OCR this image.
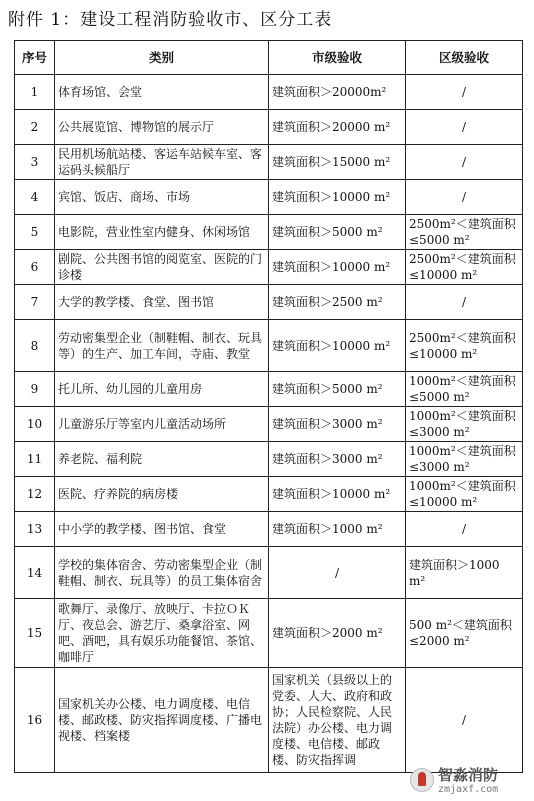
附件 1：建设工程消防验收市、区分工表
序号	类别	市级验收	区级验收
1	体育场馆、会堂	建筑面积＞20000m²	/
2	公共展览馆、博物馆的展示厅	建筑面积＞20000 m²	/
3	民用机场航站楼、客运车站候车室、客运码头候船厅	建筑面积＞15000 m²	/
4	宾馆、饭店、商场、市场	建筑面积＞10000 m²	/
5	电影院，营业性室内健身、休闲场馆	建筑面积＞5000 m²	2500m²＜建筑面积≤5000 m²
6	剧院、公共图书馆的阅览室、医院的门诊楼	建筑面积＞10000 m²	2500m²＜建筑面积≤10000 m²
7	大学的教学楼、食堂、图书馆	建筑面积＞2500 m²	/
8	劳动密集型企业（制鞋帽、制衣、玩具等）的生产、加工车间，寺庙、教堂	建筑面积＞10000 m²	2500m²＜建筑面积≤10000 m²
9	托儿所、幼儿园的儿童用房	建筑面积＞5000 m²	1000m²＜建筑面积≤5000 m²
10	儿童游乐厅等室内儿童活动场所	建筑面积＞3000 m²	1000m²＜建筑面积≤3000 m²
11	养老院、福利院	建筑面积＞3000 m²	1000m²＜建筑面积≤3000 m²
12	医院、疗养院的病房楼	建筑面积＞10000 m²	1000m²＜建筑面积≤10000 m²
13	中小学的教学楼、图书馆、食堂	建筑面积＞1000 m²	/
14	学校的集体宿舍、劳动密集型企业（制鞋帽、制衣、玩具等）的员工集体宿舍	/	建筑面积＞1000 m²
15	歌舞厅、录像厅、放映厅、卡拉ＯＫ厅、夜总会、游艺厅、桑拿浴室、网吧、酒吧，具有娱乐功能餐馆、茶馆、咖啡厅	建筑面积＞2000 m²	500 m²＜建筑面积≤2000 m²
16	国家机关办公楼、电力调度楼、电信楼、邮政楼、防灾指挥调度楼、广播电视楼、档案楼	国家机关（县级以上的党委、人大、政府和政协；人民检察院、人民法院）办公楼、电力调度楼、电信楼、邮政楼、防灾指挥调	/
智淼消防
zmjaxf.com
